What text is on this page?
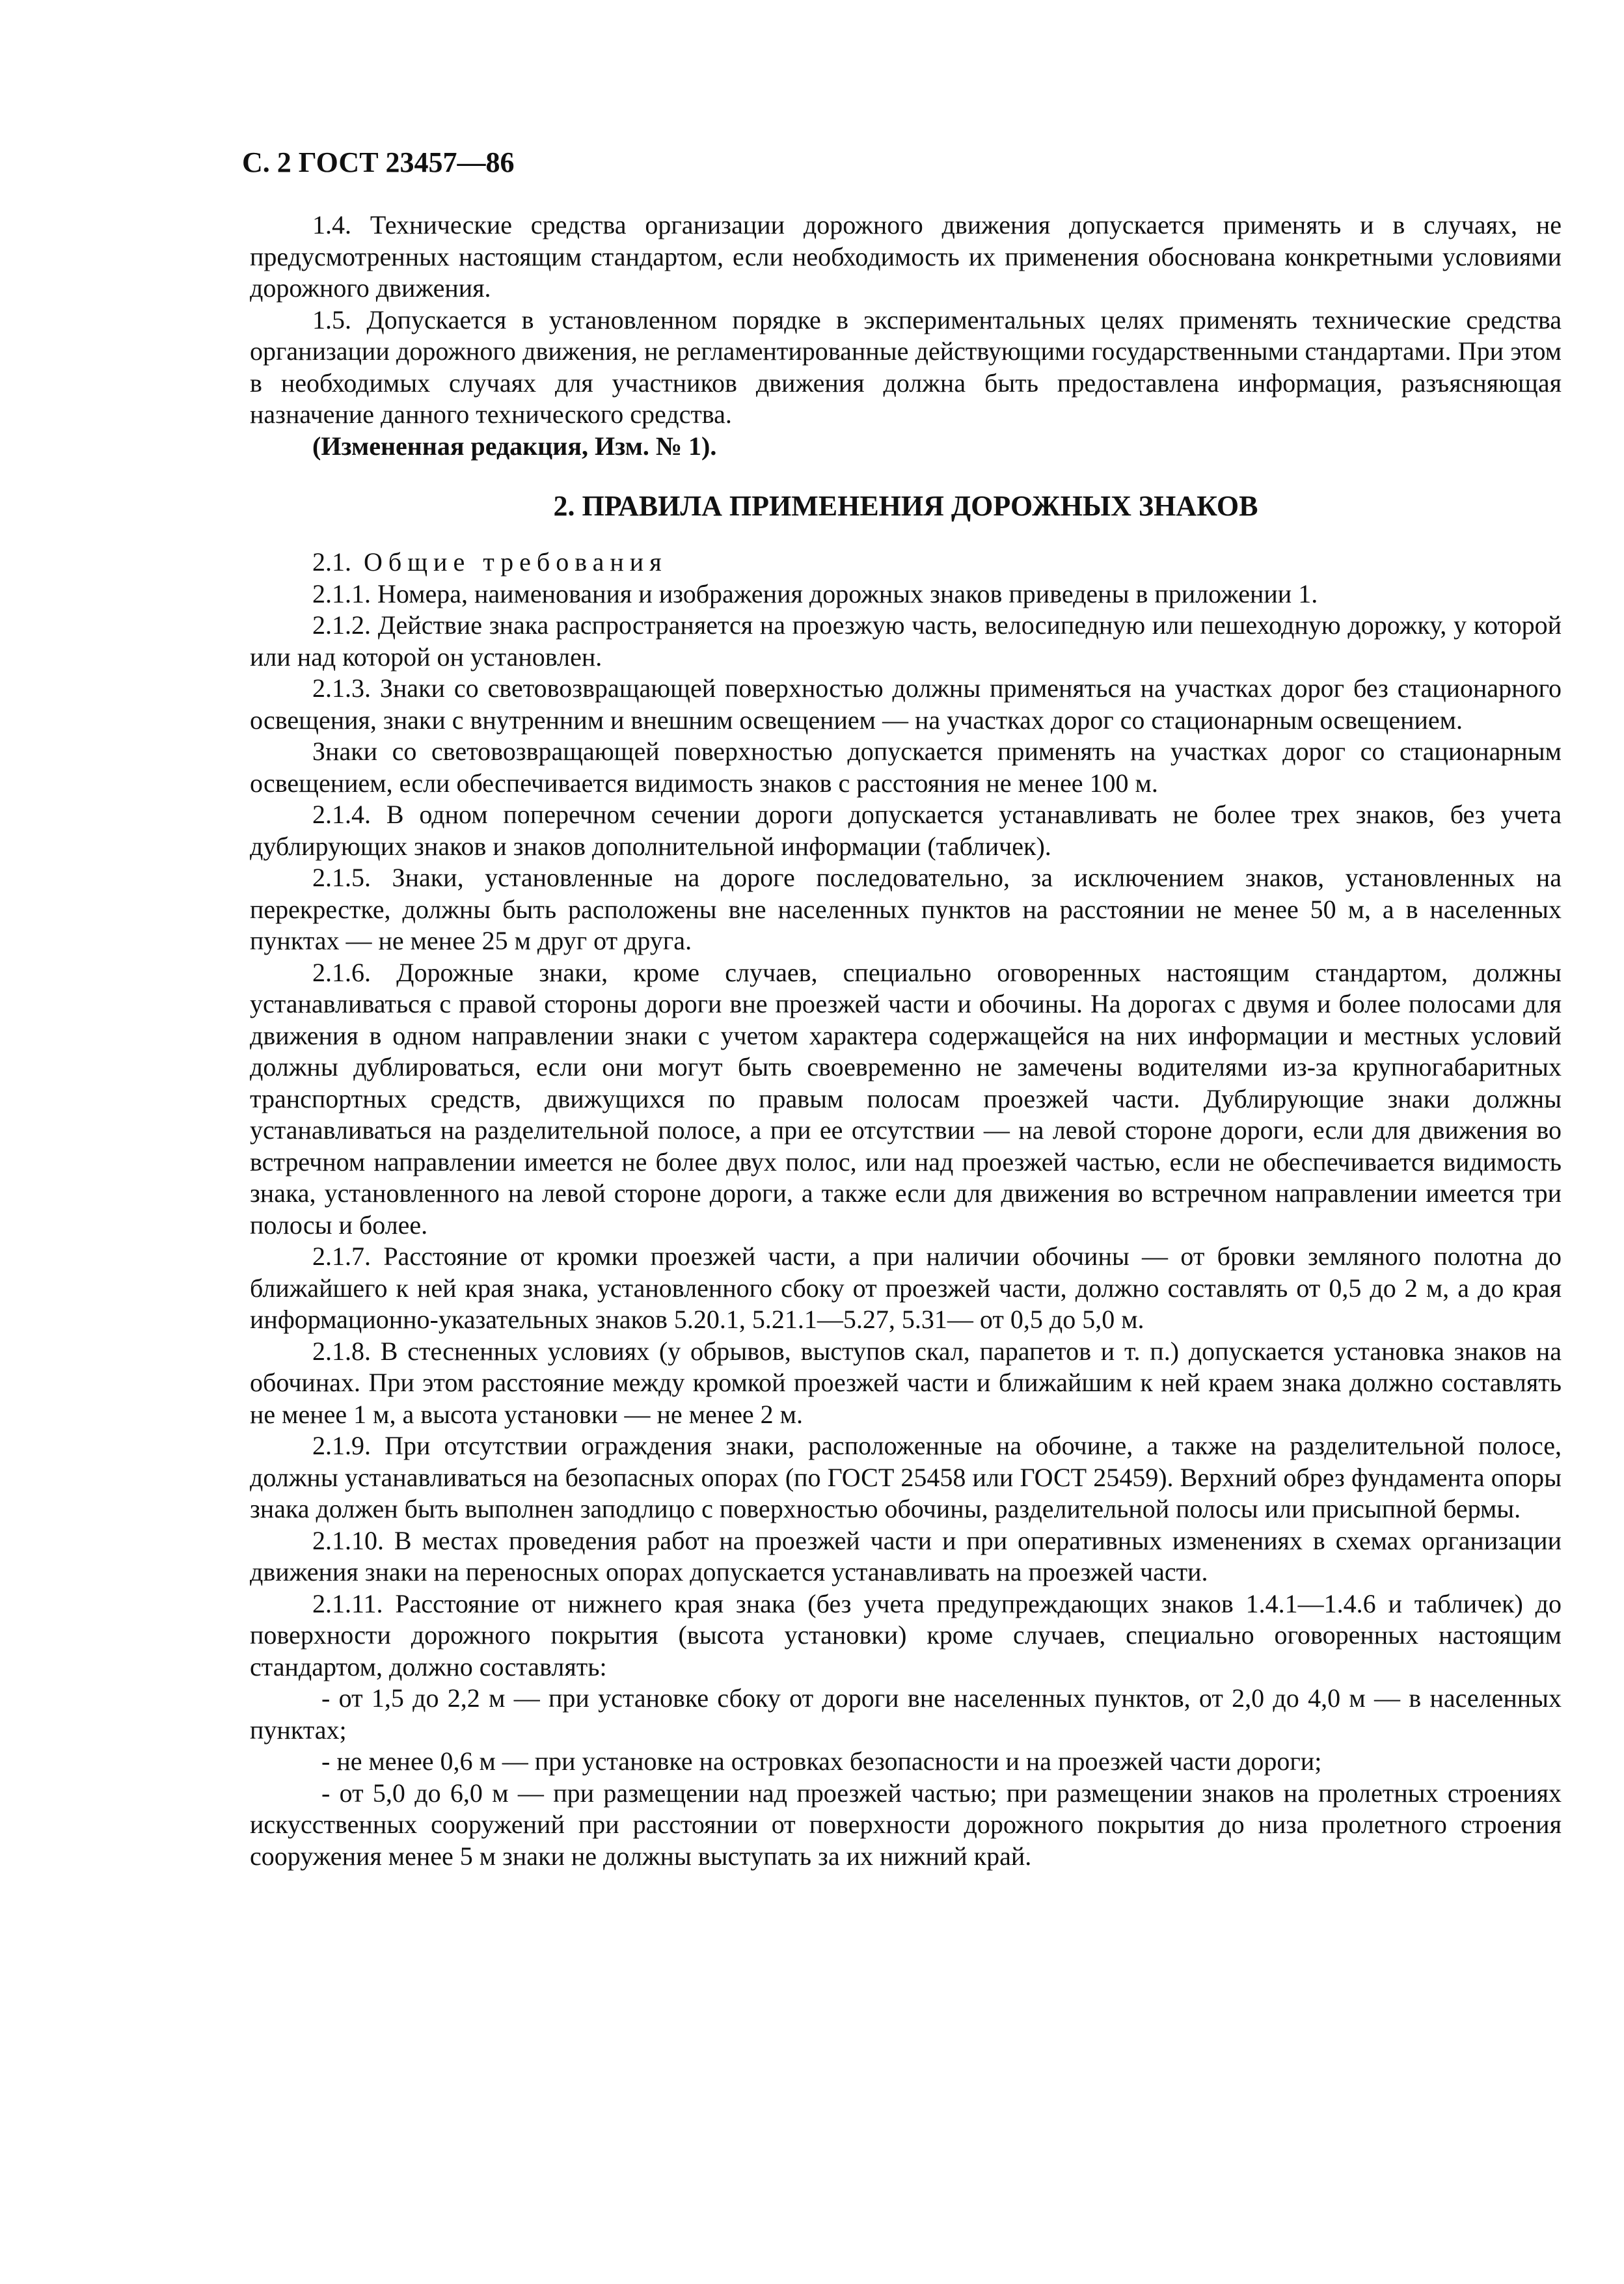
С. 2 ГОСТ 23457—86

1.4. Технические средства организации дорожного движения допускается применять и в случаях, не предусмотренных настоящим стандартом, если необходимость их применения обоснована конкретными условиями дорожного движения.

1.5. Допускается в установленном порядке в экспериментальных целях применять технические средства организации дорожного движения, не регламентированные действующими государственными стандартами. При этом в необходимых случаях для участников движения должна быть предоставлена информация, разъясняющая назначение данного технического средства.

(Измененная редакция, Изм. № 1).

2. ПРАВИЛА ПРИМЕНЕНИЯ ДОРОЖНЫХ ЗНАКОВ

2.1. Общие требования

2.1.1. Номера, наименования и изображения дорожных знаков приведены в приложении 1.

2.1.2. Действие знака распространяется на проезжую часть, велосипедную или пешеходную дорожку, у которой или над которой он установлен.

2.1.3. Знаки со световозвращающей поверхностью должны применяться на участках дорог без стационарного освещения, знаки с внутренним и внешним освещением — на участках дорог со стационарным освещением.

Знаки со световозвращающей поверхностью допускается применять на участках дорог со стационарным освещением, если обеспечивается видимость знаков с расстояния не менее 100 м.

2.1.4. В одном поперечном сечении дороги допускается устанавливать не более трех знаков, без учета дублирующих знаков и знаков дополнительной информации (табличек).

2.1.5. Знаки, установленные на дороге последовательно, за исключением знаков, установленных на перекрестке, должны быть расположены вне населенных пунктов на расстоянии не менее 50 м, а в населенных пунктах — не менее 25 м друг от друга.

2.1.6. Дорожные знаки, кроме случаев, специально оговоренных настоящим стандартом, должны устанавливаться с правой стороны дороги вне проезжей части и обочины. На дорогах с двумя и более полосами для движения в одном направлении знаки с учетом характера содержащейся на них информации и местных условий должны дублироваться, если они могут быть своевременно не замечены водителями из-за крупногабаритных транспортных средств, движущихся по правым полосам проезжей части. Дублирующие знаки должны устанавливаться на разделительной полосе, а при ее отсутствии — на левой стороне дороги, если для движения во встречном направлении имеется не более двух полос, или над проезжей частью, если не обеспечивается видимость знака, установленного на левой стороне дороги, а также если для движения во встречном направлении имеется три полосы и более.

2.1.7. Расстояние от кромки проезжей части, а при наличии обочины — от бровки земляного полотна до ближайшего к ней края знака, установленного сбоку от проезжей части, должно составлять от 0,5 до 2 м, а до края информационно-указательных знаков 5.20.1, 5.21.1—5.27, 5.31— от 0,5 до 5,0 м.

2.1.8. В стесненных условиях (у обрывов, выступов скал, парапетов и т. п.) допускается установка знаков на обочинах. При этом расстояние между кромкой проезжей части и ближайшим к ней краем знака должно составлять не менее 1 м, а высота установки — не менее 2 м.

2.1.9. При отсутствии ограждения знаки, расположенные на обочине, а также на разделительной полосе, должны устанавливаться на безопасных опорах (по ГОСТ 25458 или ГОСТ 25459). Верхний обрез фундамента опоры знака должен быть выполнен заподлицо с поверхностью обочины, разделительной полосы или присыпной бермы.

2.1.10. В местах проведения работ на проезжей части и при оперативных изменениях в схемах организации движения знаки на переносных опорах допускается устанавливать на проезжей части.

2.1.11. Расстояние от нижнего края знака (без учета предупреждающих знаков 1.4.1—1.4.6 и табличек) до поверхности дорожного покрытия (высота установки) кроме случаев, специально оговоренных настоящим стандартом, должно составлять:

- от 1,5 до 2,2 м — при установке сбоку от дороги вне населенных пунктов, от 2,0 до 4,0 м — в населенных пунктах;

- не менее 0,6 м — при установке на островках безопасности и на проезжей части дороги;

- от 5,0 до 6,0 м — при размещении над проезжей частью; при размещении знаков на пролетных строениях искусственных сооружений при расстоянии от поверхности дорожного покрытия до низа пролетного строения сооружения менее 5 м знаки не должны выступать за их нижний край.
